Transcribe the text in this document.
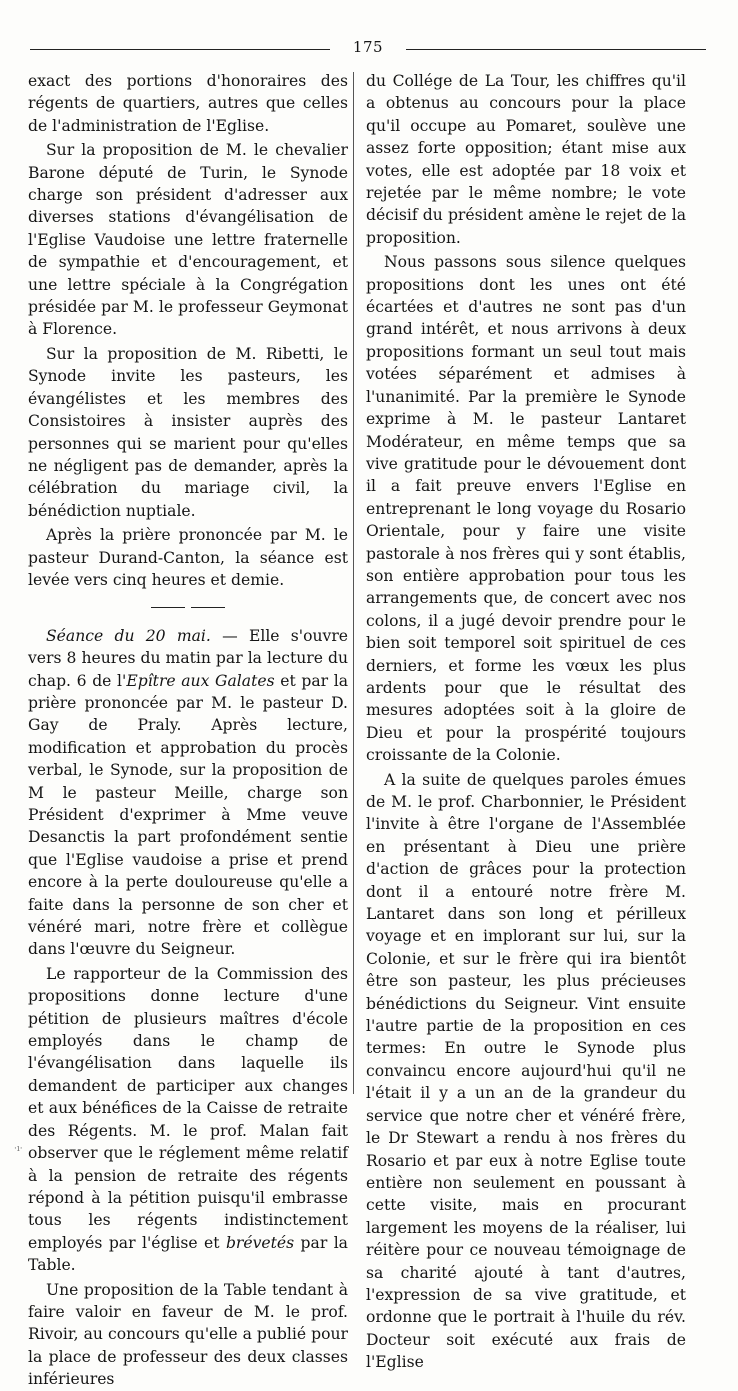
175

exact des portions d'honoraires des régents de quartiers, autres que celles de l'administration de l'Eglise.

Sur la proposition de M. le chevalier Barone député de Turin, le Synode charge son président d'adresser aux diverses stations d'évangélisation de l'Eglise Vaudoise une lettre fraternelle de sympathie et d'encouragement, et une lettre spéciale à la Congrégation présidée par M. le professeur Geymonat à Florence.

Sur la proposition de M. Ribetti, le Synode invite les pasteurs, les évangélistes et les membres des Consistoires à insister auprès des personnes qui se marient pour qu'elles ne négligent pas de demander, après la célébration du mariage civil, la bénédiction nuptiale.

Après la prière prononcée par M. le pasteur Durand-Canton, la séance est levée vers cinq heures et demie.

Séance du 20 mai. — Elle s'ouvre vers 8 heures du matin par la lecture du chap. 6 de l'Epître aux Galates et par la prière prononcée par M. le pasteur D. Gay de Praly. Après lecture, modification et approbation du procès verbal, le Synode, sur la proposition de M le pasteur Meille, charge son Président d'exprimer à Mme veuve Desanctis la part profondément sentie que l'Eglise vaudoise a prise et prend encore à la perte douloureuse qu'elle a faite dans la personne de son cher et vénéré mari, notre frère et collègue dans l'œuvre du Seigneur.

Le rapporteur de la Commission des propositions donne lecture d'une pétition de plusieurs maîtres d'école employés dans le champ de l'évangélisation dans laquelle ils demandent de participer aux changes et aux bénéfices de la Caisse de retraite des Régents. M. le prof. Malan fait observer que le réglement même relatif à la pension de retraite des régents répond à la pétition puisqu'il embrasse tous les régents indistinctement employés par l'église et brévetés par la Table.

Une proposition de la Table tendant à faire valoir en faveur de M. le prof. Rivoir, au concours qu'elle a publié pour la place de professeur des deux classes inférieures

du Collége de La Tour, les chiffres qu'il a obtenus au concours pour la place qu'il occupe au Pomaret, soulève une assez forte opposition; étant mise aux votes, elle est adoptée par 18 voix et rejetée par le même nombre; le vote décisif du président amène le rejet de la proposition.

Nous passons sous silence quelques propositions dont les unes ont été écartées et d'autres ne sont pas d'un grand intérêt, et nous arrivons à deux propositions formant un seul tout mais votées séparément et admises à l'unanimité. Par la première le Synode exprime à M. le pasteur Lantaret Modérateur, en même temps que sa vive gratitude pour le dévouement dont il a fait preuve envers l'Eglise en entreprenant le long voyage du Rosario Orientale, pour y faire une visite pastorale à nos frères qui y sont établis, son entière approbation pour tous les arrangements que, de concert avec nos colons, il a jugé devoir prendre pour le bien soit temporel soit spirituel de ces derniers, et forme les vœux les plus ardents pour que le résultat des mesures adoptées soit à la gloire de Dieu et pour la prospérité toujours croissante de la Colonie.

A la suite de quelques paroles émues de M. le prof. Charbonnier, le Président l'invite à être l'organe de l'Assemblée en présentant à Dieu une prière d'action de grâces pour la protection dont il a entouré notre frère M. Lantaret dans son long et périlleux voyage et en implorant sur lui, sur la Colonie, et sur le frère qui ira bientôt être son pasteur, les plus précieuses bénédictions du Seigneur. Vint ensuite l'autre partie de la proposition en ces termes: En outre le Synode plus convaincu encore aujourd'hui qu'il ne l'était il y a un an de la grandeur du service que notre cher et vénéré frère, le Dr Stewart a rendu à nos frères du Rosario et par eux à notre Eglise toute entière non seulement en poussant à cette visite, mais en procurant largement les moyens de la réaliser, lui réitère pour ce nouveau témoignage de sa charité ajouté à tant d'autres, l'expression de sa vive gratitude, et ordonne que le portrait à l'huile du rév. Docteur soit exécuté aux frais de l'Eglise

·ı·
